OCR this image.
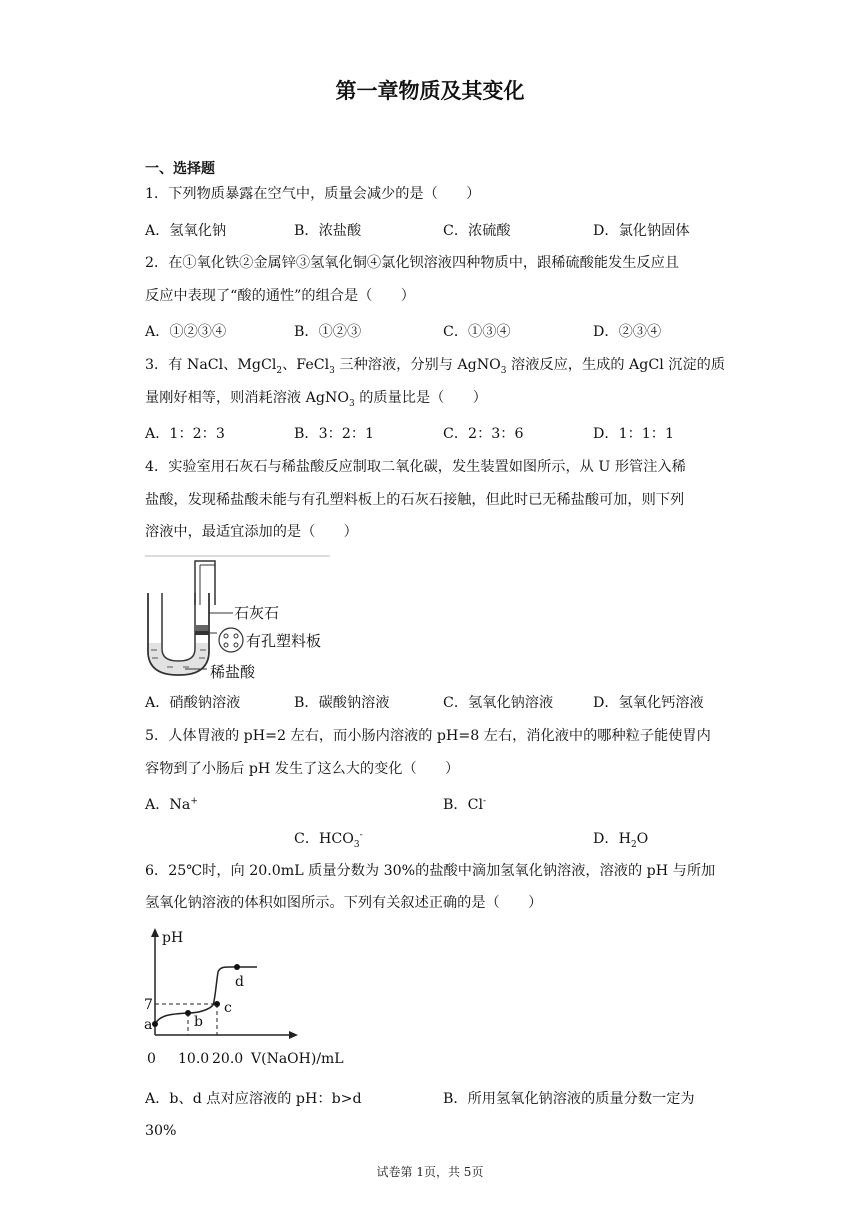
第一章物质及其变化
一、选择题
1．下列物质暴露在空气中，质量会减少的是（　　）
A．氢氧化钠	B．浓盐酸	C．浓硫酸	D．氯化钠固体
2．在①氧化铁②金属锌③氢氧化铜④氯化钡溶液四种物质中，跟稀硫酸能发生反应且
反应中表现了“酸的通性”的组合是（　　）
A．①②③④	B．①②③	C．①③④	D．②③④
3．有 NaCl、MgCl$_2$、FeCl$_3$ 三种溶液，分别与 AgNO$_3$ 溶液反应，生成的 AgCl 沉淀的质
量刚好相等，则消耗溶液 AgNO$_3$ 的质量比是（　　）
A．1：2：3	B．3：2：1	C．2：3：6	D．1：1：1
4．实验室用石灰石与稀盐酸反应制取二氧化碳，发生装置如图所示，从 U 形管注入稀
盐酸，发现稀盐酸未能与有孔塑料板上的石灰石接触，但此时已无稀盐酸可加，则下列
溶液中，最适宜添加的是（　　）
石灰石
有孔塑料板
稀盐酸
A．硝酸钠溶液	B．碳酸钠溶液	C．氢氧化钠溶液	D．氢氧化钙溶液
5．人体胃液的 pH=2 左右，而小肠内溶液的 pH=8 左右，消化液中的哪种粒子能使胃内
容物到了小肠后 pH 发生了这么大的变化（　　）
A．Na+	B．Cl-
C．$HCO_3^-$	D．$H_2O$
6．25℃时，向 20.0mL 质量分数为 30%的盐酸中滴加氢氧化钠溶液，溶液的 pH 与所加
氢氧化钠溶液的体积如图所示。下列有关叙述正确的是（　　）
pH
7
a	b
c
d
0 10.0 20.0 V(NaOH)/mL
A．b、d 点对应溶液的 pH：b>d	B．所用氢氧化钠溶液的质量分数一定为
30%
试卷第 1页，共 5页
